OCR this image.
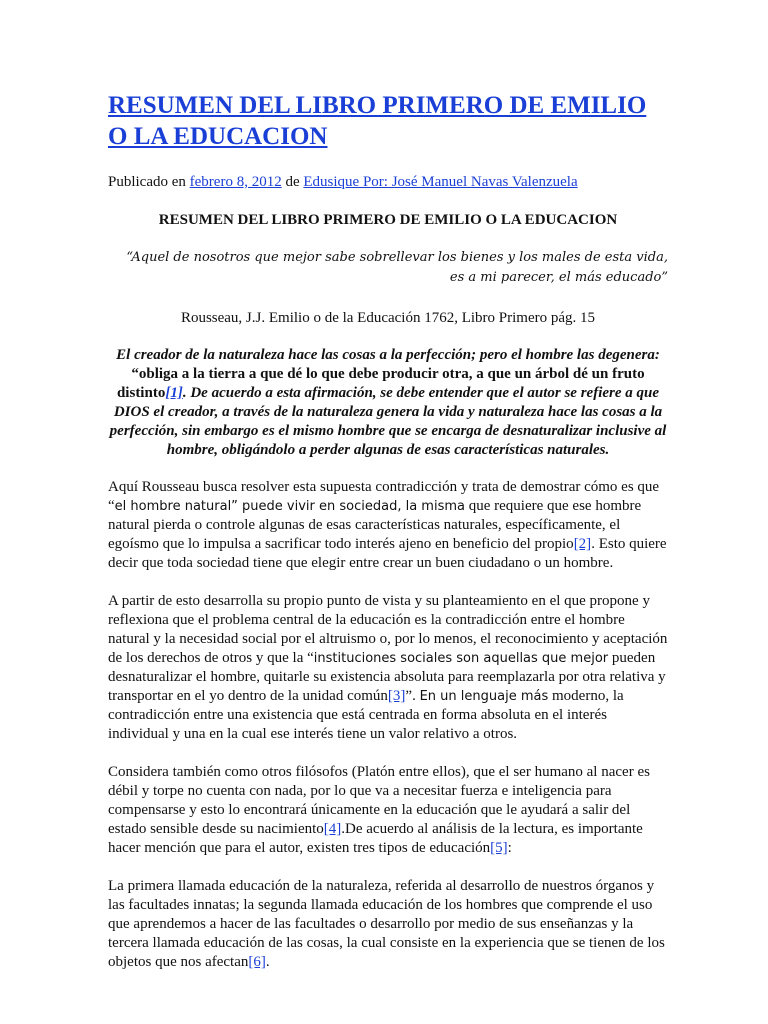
RESUMEN DEL LIBRO PRIMERO DE EMILIO O LA EDUCACION
Publicado en febrero 8, 2012 de Edusique Por: José Manuel Navas Valenzuela
RESUMEN DEL LIBRO PRIMERO DE EMILIO O LA EDUCACION
“Aquel de nosotros que mejor sabe sobrellevar los bienes y los males de esta vida, es a mi parecer, el más educado”
Rousseau, J.J. Emilio o de la Educación 1762, Libro Primero pág. 15
El creador de la naturaleza hace las cosas a la perfección; pero el hombre las degenera: “obliga a la tierra a que dé lo que debe producir otra, a que un árbol dé un fruto distinto[1]. De acuerdo a esta afirmación, se debe entender que el autor se refiere a que DIOS el creador, a través de la naturaleza genera la vida y naturaleza hace las cosas a la perfección, sin embargo es el mismo hombre que se encarga de desnaturalizar inclusive al hombre, obligándolo a perder algunas de esas características naturales.

Aquí Rousseau busca resolver esta supuesta contradicción y trata de demostrar cómo es que “el hombre natural” puede vivir en sociedad, la misma que requiere que ese hombre natural pierda o controle algunas de esas características naturales, específicamente, el egoísmo que lo impulsa a sacrificar todo interés ajeno en beneficio del propio[2]. Esto quiere decir que toda sociedad tiene que elegir entre crear un buen ciudadano o un hombre.

A partir de esto desarrolla su propio punto de vista y su planteamiento en el que propone y reflexiona que el problema central de la educación es la contradicción entre el hombre natural y la necesidad social por el altruismo o, por lo menos, el reconocimiento y aceptación de los derechos de otros y que la “instituciones sociales son aquellas que mejor pueden desnaturalizar el hombre, quitarle su existencia absoluta para reemplazarla por otra relativa y transportar en el yo dentro de la unidad común[3]”. En un lenguaje más moderno, la contradicción entre una existencia que está centrada en forma absoluta en el interés individual y una en la cual ese interés tiene un valor relativo a otros.

Considera también como otros filósofos (Platón entre ellos), que el ser humano al nacer es débil y torpe no cuenta con nada, por lo que va a necesitar fuerza e inteligencia para compensarse y esto lo encontrará únicamente en la educación que le ayudará a salir del estado sensible desde su nacimiento[4].De acuerdo al análisis de la lectura, es importante hacer mención que para el autor, existen tres tipos de educación[5]:

La primera llamada educación de la naturaleza, referida al desarrollo de nuestros órganos y las facultades innatas; la segunda llamada educación de los hombres que comprende el uso que aprendemos a hacer de las facultades o desarrollo por medio de sus enseñanzas y la tercera llamada educación de las cosas, la cual consiste en la experiencia que se tienen de los objetos que nos afectan[6].
